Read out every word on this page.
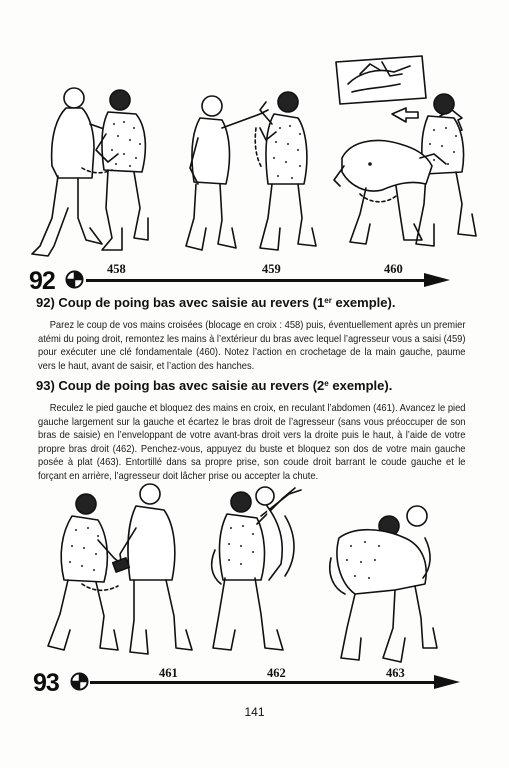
92	458	459	460
92) Coup de poing bas avec saisie au revers (1er exemple).

Parez le coup de vos mains croisées (blocage en croix : 458) puis, éventuellement après un premier atémi du poing droit, remontez les mains à l’extérieur du bras avec lequel l’agresseur vous a saisi (459) pour exécuter une clé fondamentale (460). Notez l’action en crochetage de la main gauche, paume vers le haut, avant de saisir, et l’action des hanches.

93) Coup de poing bas avec saisie au revers (2e exemple).

Reculez le pied gauche et bloquez des mains en croix, en reculant l’abdomen (461). Avancez le pied gauche largement sur la gauche et écartez le bras droit de l’agresseur (sans vous préoccuper de son bras de saisie) en l’enveloppant de votre avant-bras droit vers la droite puis le haut, à l’aide de votre propre bras droit (462). Penchez-vous, appuyez du buste et bloquez son dos de votre main gauche posée à plat (463). Entortillé dans sa propre prise, son coude droit barrant le coude gauche et le forçant en arrière, l’agresseur doit lâcher prise ou accepter la chute.

93	461	462	463
141
